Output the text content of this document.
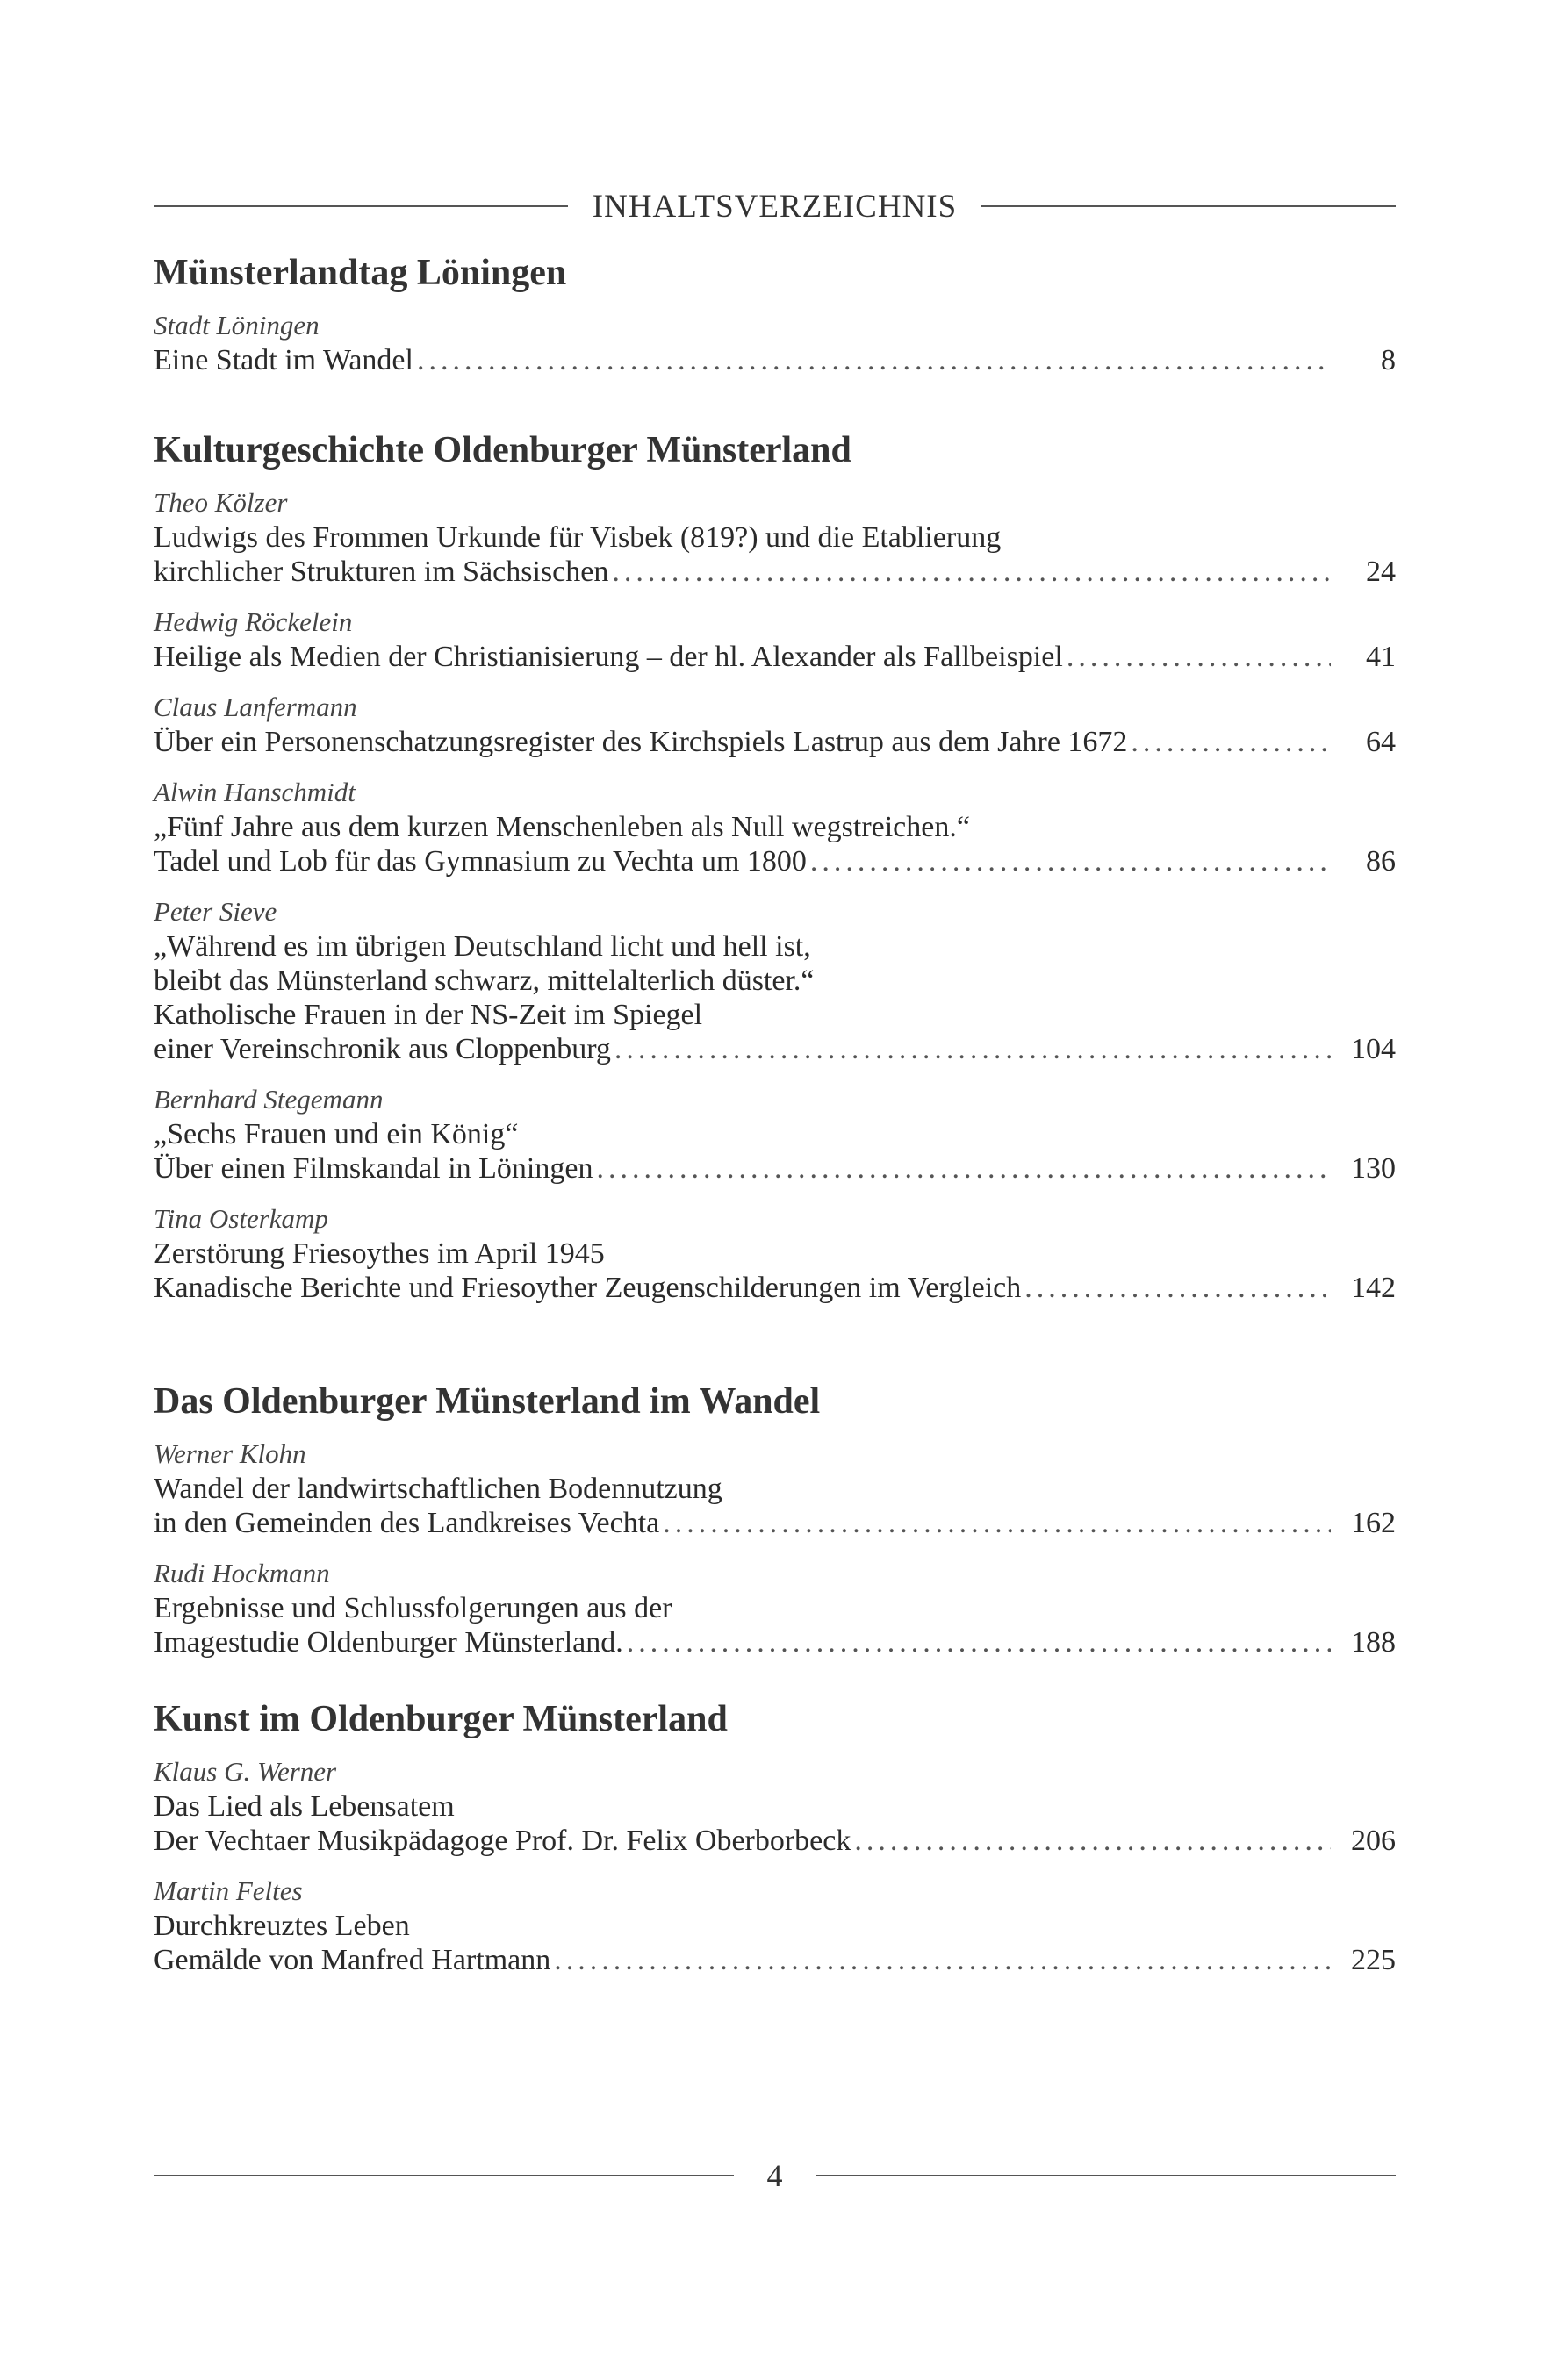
INHALTSVERZEICHNIS
Münsterlandtag Löningen
Stadt Löningen
Eine Stadt im Wandel .....	8
Kulturgeschichte Oldenburger Münsterland
Theo Kölzer
Ludwigs des Frommen Urkunde für Visbek (819?) und die Etablierung
kirchlicher Strukturen im Sächsischen .....	24
Hedwig Röckelein
Heilige als Medien der Christianisierung – der hl. Alexander als Fallbeispiel .....	41
Claus Lanfermann
Über ein Personenschatzungsregister des Kirchspiels Lastrup aus dem Jahre 1672 .....	64
Alwin Hanschmidt
„Fünf Jahre aus dem kurzen Menschenleben als Null wegstreichen.“
Tadel und Lob für das Gymnasium zu Vechta um 1800 .....	86
Peter Sieve
„Während es im übrigen Deutschland licht und hell ist,
bleibt das Münsterland schwarz, mittelalterlich düster.“
Katholische Frauen in der NS-Zeit im Spiegel
einer Vereinschronik aus Cloppenburg .....	104
Bernhard Stegemann
„Sechs Frauen und ein König“
Über einen Filmskandal in Löningen .....	130
Tina Osterkamp
Zerstörung Friesoythes im April 1945
Kanadische Berichte und Friesoyther Zeugenschilderungen im Vergleich .....	142
Das Oldenburger Münsterland im Wandel
Werner Klohn
Wandel der landwirtschaftlichen Bodennutzung
in den Gemeinden des Landkreises Vechta .....	162
Rudi Hockmann
Ergebnisse und Schlussfolgerungen aus der
Imagestudie Oldenburger Münsterland. .....	188
Kunst im Oldenburger Münsterland
Klaus G. Werner
Das Lied als Lebensatem
Der Vechtaer Musikpädagoge Prof. Dr. Felix Oberborbeck .....	206
Martin Feltes
Durchkreuztes Leben
Gemälde von Manfred Hartmann .....	225
4
